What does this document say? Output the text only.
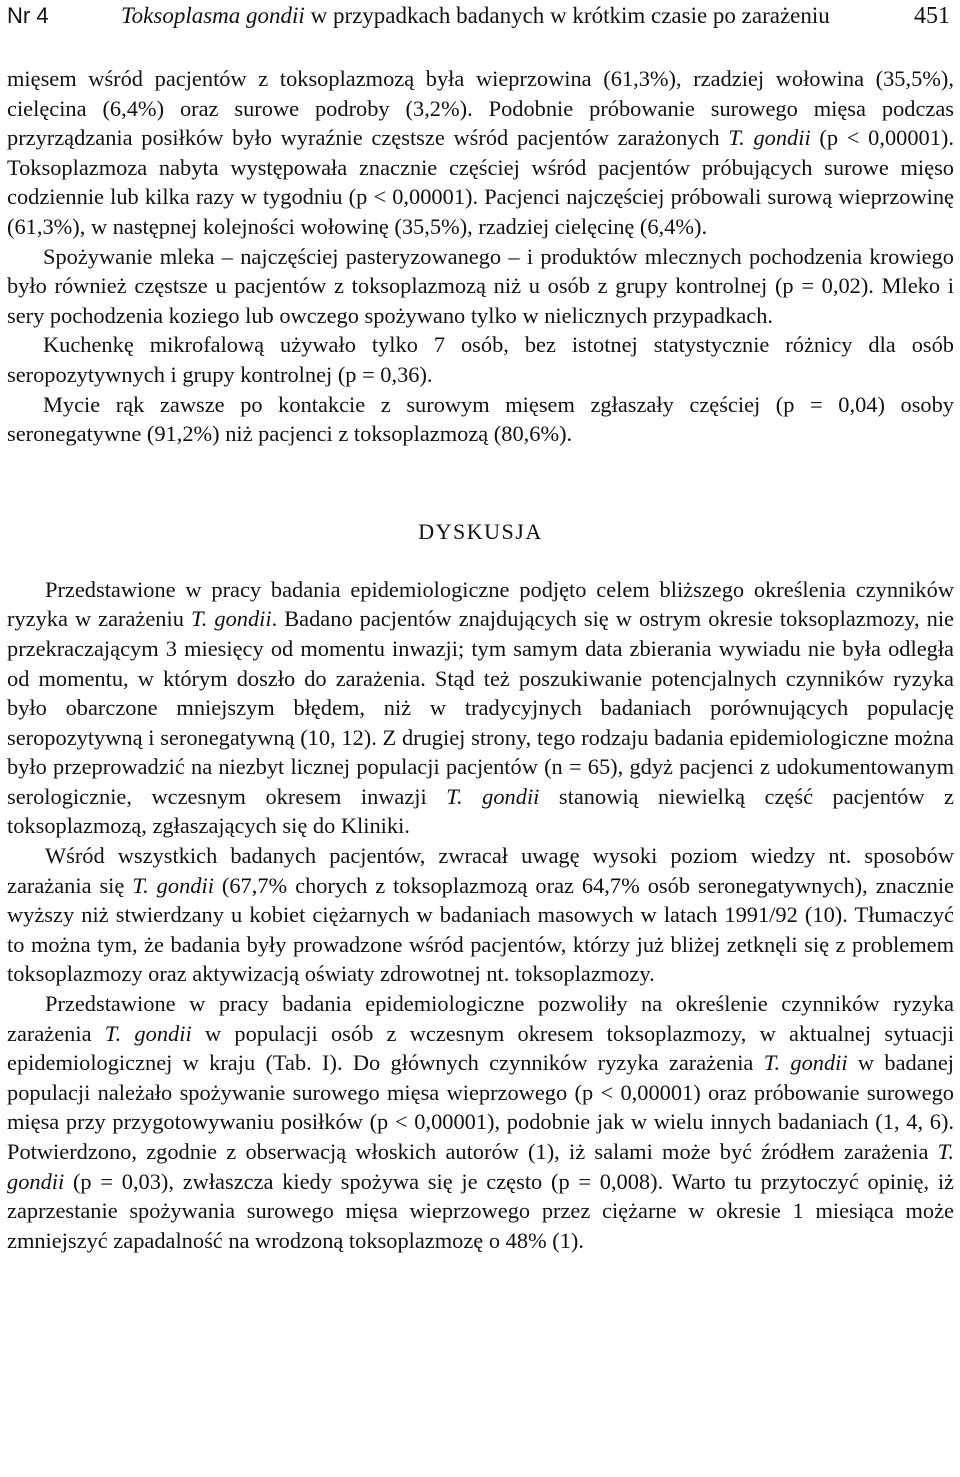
Nr 4	Toksoplasma gondii w przypadkach badanych w krótkim czasie po zarażeniu	451

mięsem wśród pacjentów z toksoplazmozą była wieprzowina (61,3%), rzadziej wołowina (35,5%), cielęcina (6,4%) oraz surowe podroby (3,2%). Podobnie próbowanie surowego mięsa podczas przyrządzania posiłków było wyraźnie częstsze wśród pacjentów zarażonych T. gondii (p < 0,00001). Toksoplazmoza nabyta występowała znacznie częściej wśród pacjentów próbujących surowe mięso codziennie lub kilka razy w tygodniu (p < 0,00001). Pacjenci najczęściej próbowali surową wieprzowinę (61,3%), w następnej kolejności wołowinę (35,5%), rzadziej cielęcinę (6,4%).

Spożywanie mleka – najczęściej pasteryzowanego – i produktów mlecznych pochodzenia krowiego było również częstsze u pacjentów z toksoplazmozą niż u osób z grupy kontrolnej (p = 0,02). Mleko i sery pochodzenia koziego lub owczego spożywano tylko w nielicznych przypadkach.

Kuchenkę mikrofalową używało tylko 7 osób, bez istotnej statystycznie różnicy dla osób seropozytywnych i grupy kontrolnej (p = 0,36).

Mycie rąk zawsze po kontakcie z surowym mięsem zgłaszały częściej (p = 0,04) osoby seronegatywne (91,2%) niż pacjenci z toksoplazmozą (80,6%).

DYSKUSJA

Przedstawione w pracy badania epidemiologiczne podjęto celem bliższego określenia czynników ryzyka w zarażeniu T. gondii. Badano pacjentów znajdujących się w ostrym okresie toksoplazmozy, nie przekraczającym 3 miesięcy od momentu inwazji; tym samym data zbierania wywiadu nie była odległa od momentu, w którym doszło do zarażenia. Stąd też poszukiwanie potencjalnych czynników ryzyka było obarczone mniejszym błędem, niż w tradycyjnych badaniach porównujących populację seropozytywną i seronegatywną (10, 12). Z drugiej strony, tego rodzaju badania epidemiologiczne można było przeprowadzić na niezbyt licznej populacji pacjentów (n = 65), gdyż pacjenci z udokumentowanym serologicznie, wczesnym okresem inwazji T. gondii stanowią niewielką część pacjentów z toksoplazmozą, zgłaszających się do Kliniki.

Wśród wszystkich badanych pacjentów, zwracał uwagę wysoki poziom wiedzy nt. sposobów zarażania się T. gondii (67,7% chorych z toksoplazmozą oraz 64,7% osób seronegatywnych), znacznie wyższy niż stwierdzany u kobiet ciężarnych w badaniach masowych w latach 1991/92 (10). Tłumaczyć to można tym, że badania były prowadzone wśród pacjentów, którzy już bliżej zetknęli się z problemem toksoplazmozy oraz aktywizacją oświaty zdrowotnej nt. toksoplazmozy.

Przedstawione w pracy badania epidemiologiczne pozwoliły na określenie czynników ryzyka zarażenia T. gondii w populacji osób z wczesnym okresem toksoplazmozy, w aktualnej sytuacji epidemiologicznej w kraju (Tab. I). Do głównych czynników ryzyka zarażenia T. gondii w badanej populacji należało spożywanie surowego mięsa wieprzowego (p < 0,00001) oraz próbowanie surowego mięsa przy przygotowywaniu posiłków (p < 0,00001), podobnie jak w wielu innych badaniach (1, 4, 6). Potwierdzono, zgodnie z obserwacją włoskich autorów (1), iż salami może być źródłem zarażenia T. gondii (p = 0,03), zwłaszcza kiedy spożywa się je często (p = 0,008). Warto tu przytoczyć opinię, iż zaprzestanie spożywania surowego mięsa wieprzowego przez ciężarne w okresie 1 miesiąca może zmniejszyć zapadalność na wrodzoną toksoplazmozę o 48% (1).
